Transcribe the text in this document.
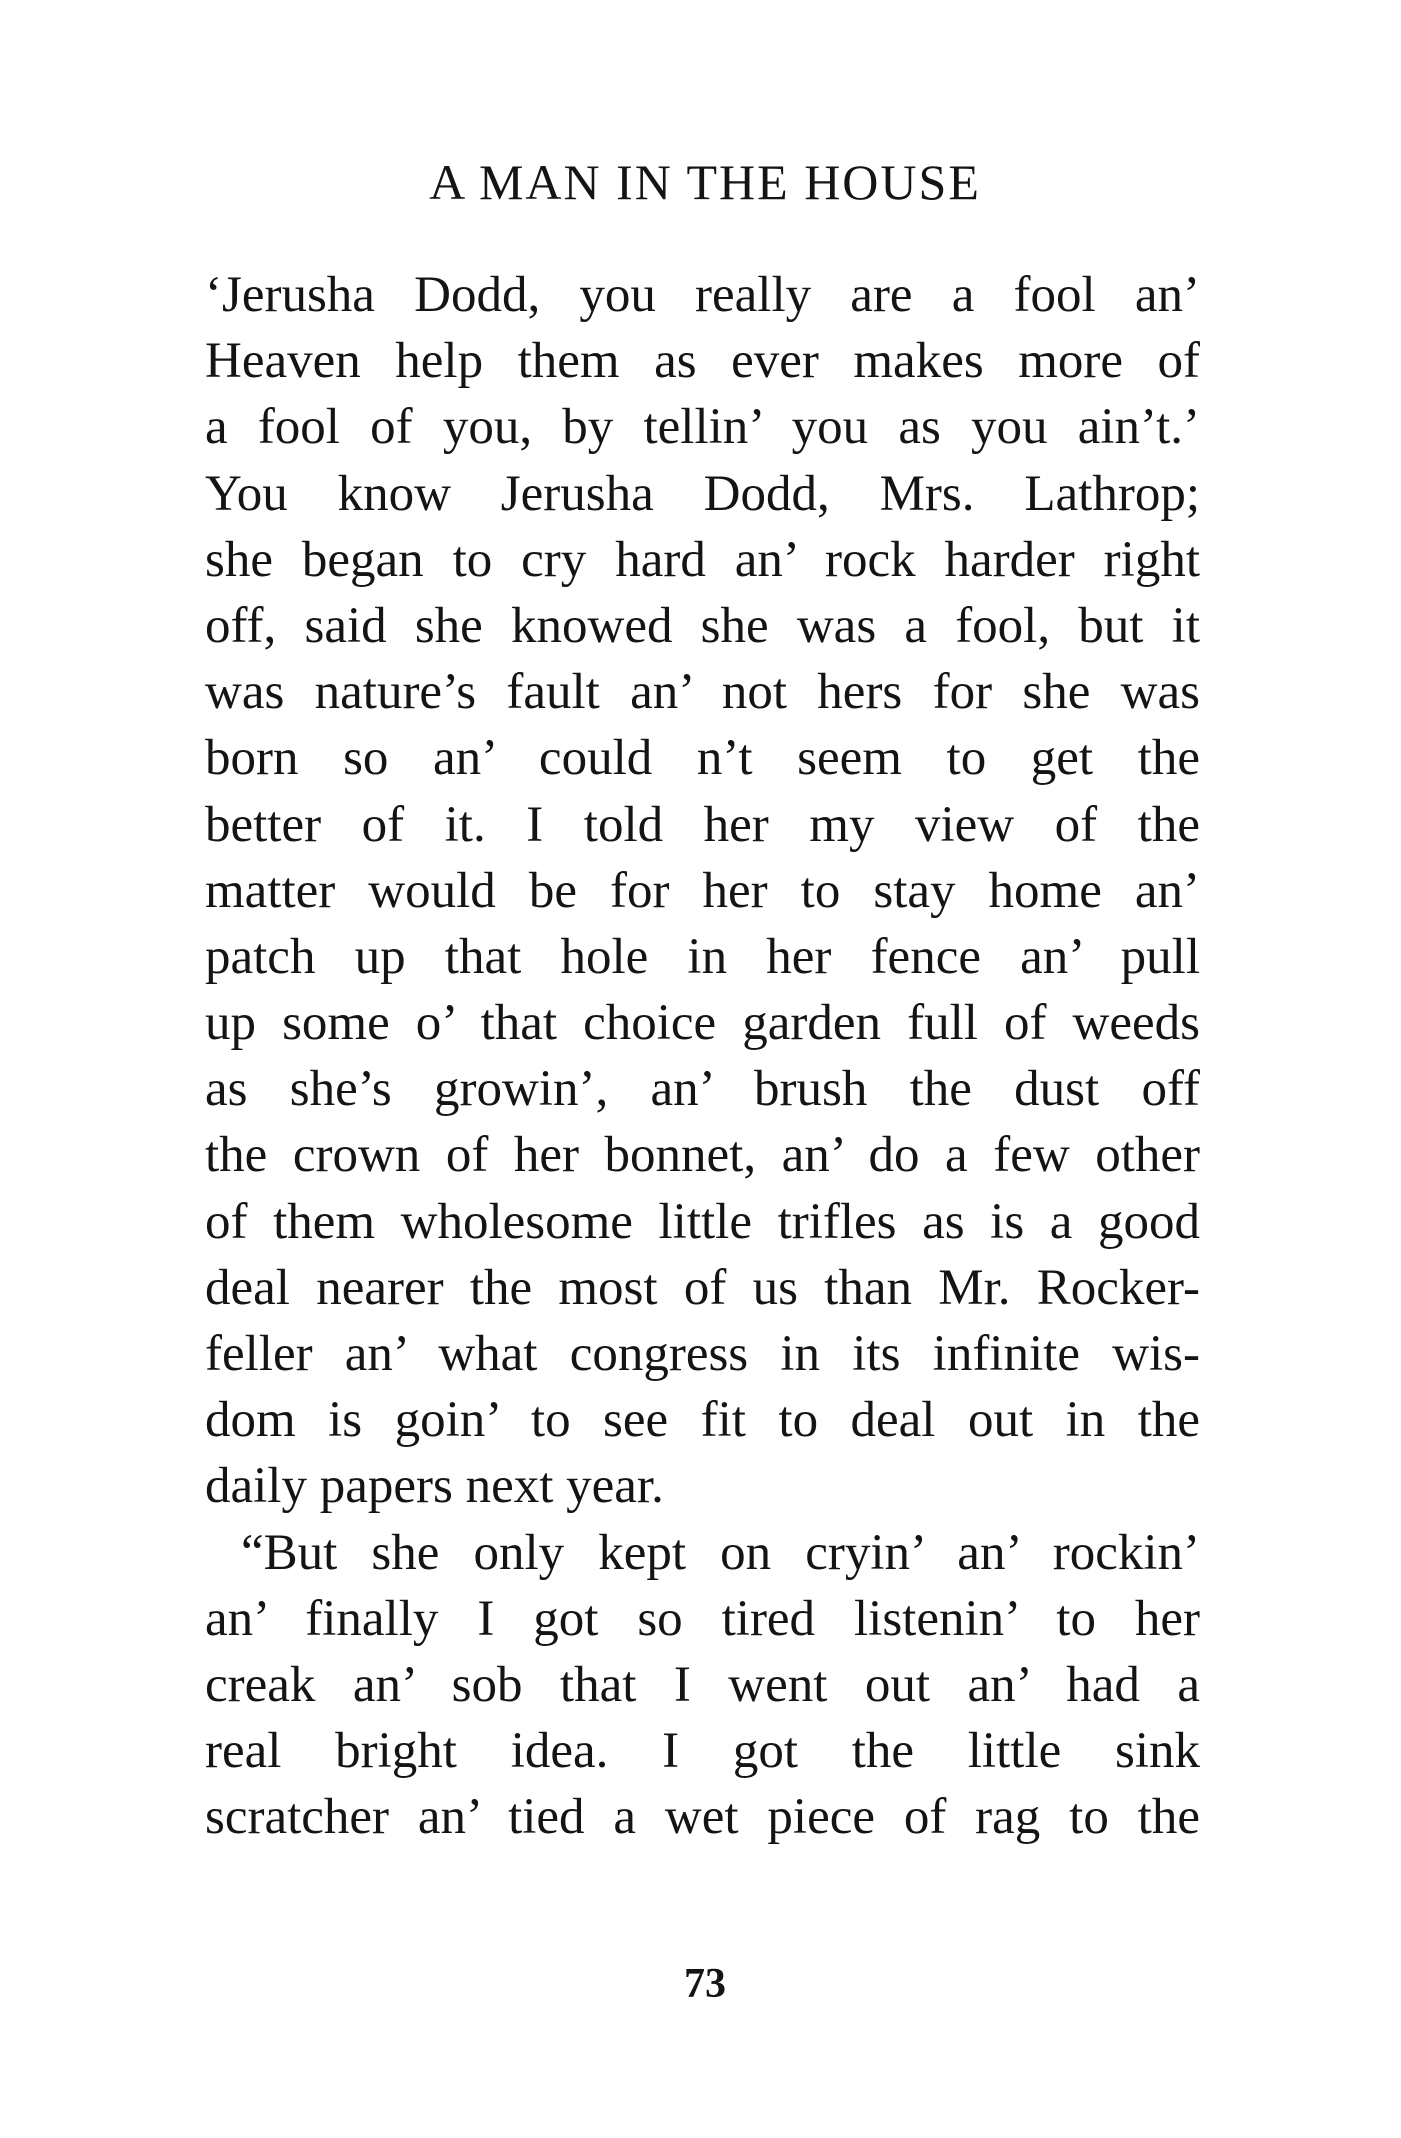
A MAN IN THE HOUSE
‘Jerusha Dodd, you really are a fool an’
Heaven help them as ever makes more of
a fool of you, by tellin’ you as you ain’t.’
You know Jerusha Dodd, Mrs. Lathrop;
she began to cry hard an’ rock harder right
off, said she knowed she was a fool, but it
was nature’s fault an’ not hers for she was
born so an’ could n’t seem to get the
better of it. I told her my view of the
matter would be for her to stay home an’
patch up that hole in her fence an’ pull
up some o’ that choice garden full of weeds
as she’s growin’, an’ brush the dust off
the crown of her bonnet, an’ do a few other
of them wholesome little trifles as is a good
deal nearer the most of us than Mr. Rocker-
feller an’ what congress in its infinite wis-
dom is goin’ to see fit to deal out in the
daily papers next year.
“But she only kept on cryin’ an’ rockin’
an’ finally I got so tired listenin’ to her
creak an’ sob that I went out an’ had a
real bright idea. I got the little sink
scratcher an’ tied a wet piece of rag to the
73
